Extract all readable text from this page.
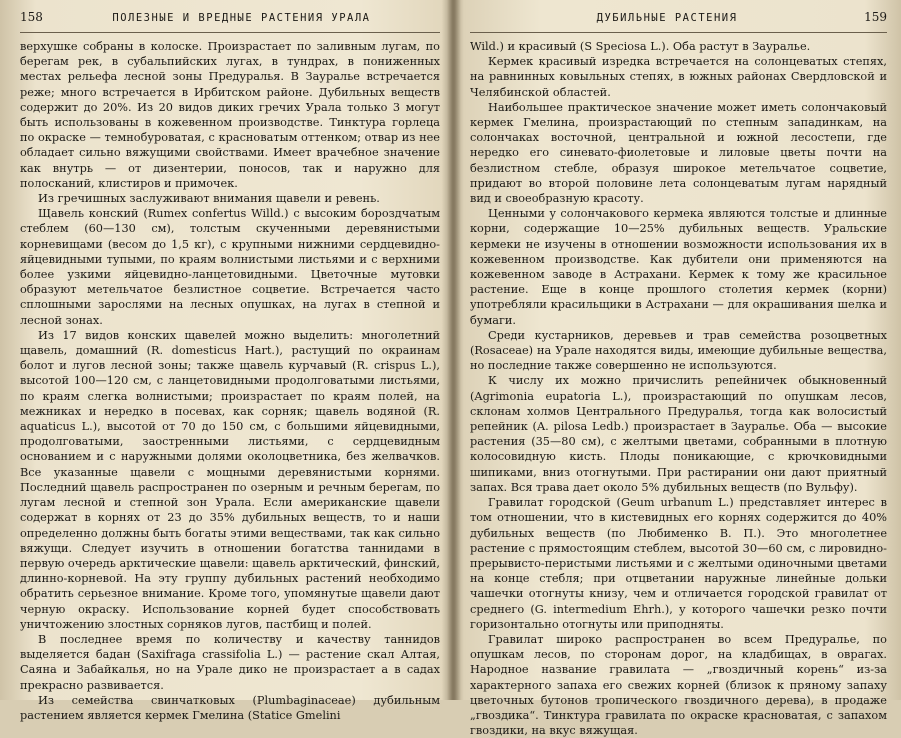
158	ПОЛЕЗНЫЕ И ВРЕДНЫЕ РАСТЕНИЯ УРАЛА

верхушке собраны в колоске. Произрастает по заливным лугам, по берегам рек, в субальпийских лугах, в тундрах, в пониженных местах рельефа лесной зоны Предуралья. В Зауралье встречается реже; много встречается в Ирбитском районе. Дубильных веществ содержит до 20%. Из 20 видов диких гречих Урала только 3 могут быть использованы в кожевенном производстве. Тинктура горлеца по окраске — темнобуроватая, с красноватым оттенком; отвар из нее обладает сильно вяжущими свойствами. Имеет врачебное значение как внутрь — от дизентерии, поносов, так и наружно для полосканий, клистиров и примочек.

Из гречишных заслуживают внимания щавели и ревень.

Щавель конский (Rumex confertus Willd.) с высоким бороздчатым стеблем (60—130 см), толстым скученными деревянистыми корневищами (весом до 1,5 кг), с крупными нижними сердцевидно-яйцевидными тупыми, по краям волнистыми листьями и с верхними более узкими яйцевидно-ланцетовидными. Цветочные мутовки образуют метельчатое безлистное соцветие. Встречается часто сплошными зарослями на лесных опушках, на лугах в степной и лесной зонах.

Из 17 видов конских щавелей можно выделить: многолетний щавель, домашний (R. domesticus Hart.), растущий по окраинам болот и лугов лесной зоны; также щавель курчавый (R. crispus L.), высотой 100—120 см, с ланцетовидными продолговатыми листьями, по краям слегка волнистыми; произрастает по краям полей, на межниках и нередко в посевах, как сорняк; щавель водяной (R. aquaticus L.), высотой от 70 до 150 см, с большими яйцевидными, продолговатыми, заостренными листьями, с сердцевидным основанием и с наружными долями околоцветника, без желвачков. Все указанные щавели с мощными деревянистыми корнями. Последний щавель распространен по озерным и речным берегам, по лугам лесной и степной зон Урала. Если американские щавели содержат в корнях от 23 до 35% дубильных веществ, то и наши определенно должны быть богаты этими веществами, так как сильно вяжущи. Следует изучить в отношении богатства таннидами в первую очередь арктические щавели: щавель арктический, финский, длинно-корневой. На эту группу дубильных растений необходимо обратить серьезное внимание. Кроме того, упомянутые щавели дают черную окраску. Использование корней будет способствовать уничтожению злостных сорняков лугов, пастбищ и полей.

В последнее время по количеству и качеству таннидов выделяется бадан (Saxifraga crassifolia L.) — растение скал Алтая, Саяна и Забайкалья, но на Урале дико не произрастает а в садах прекрасно развивается.

Из семейства свинчатковых (Plumbaginaceae) дубильным растением является кермек Гмелина (Statice Gmelini

ДУБИЛЬНЫЕ РАСТЕНИЯ	159

Wild.) и красивый (S Speciosa L.). Оба растут в Зауралье.

Кермек красивый изредка встречается на солонцеватых степях, на равнинных ковыльных степях, в южных районах Свердловской и Челябинской областей.

Наибольшее практическое значение может иметь солончаковый кермек Гмелина, произрастающий по степным западинкам, на солончаках восточной, центральной и южной лесостепи, где нередко его синевато-фиолетовые и лиловые цветы почти на безлистном стебле, образуя широкое метельчатое соцветие, придают во второй половине лета солонцеватым лугам нарядный вид и своеобразную красоту.

Ценными у солончакового кермека являются толстые и длинные корни, содержащие 10—25% дубильных веществ. Уральские кермеки не изучены в отношении возможности использования их в кожевенном производстве. Как дубители они применяются на кожевенном заводе в Астрахани. Кермек к тому же красильное растение. Еще в конце прошлого столетия кермек (корни) употребляли красильщики в Астрахани — для окрашивания шелка и бумаги.

Среди кустарников, деревьев и трав семейства розоцветных (Rosaceae) на Урале находятся виды, имеющие дубильные вещества, но последние также совершенно не используются.

К числу их можно причислить репейничек обыкновенный (Agrimonia eupatoria L.), произрастающий по опушкам лесов, склонам холмов Центрального Предуралья, тогда как волосистый репейник (A. pilosa Ledb.) произрастает в Зауралье. Оба — высокие растения (35—80 см), с желтыми цветами, собранными в плотную колосовидную кисть. Плоды поникающие, с крючковидными шипиками, вниз отогнутыми. При растирании они дают приятный запах. Вся трава дает около 5% дубильных веществ (по Вульфу).

Гравилат городской (Geum urbanum L.) представляет интерес в том отношении, что в кистевидных его корнях содержится до 40% дубильных веществ (по Любименко В. П.). Это многолетнее растение с прямостоящим стеблем, высотой 30—60 см, с лировидно-прерывисто-перистыми листьями и с желтыми одиночными цветами на конце стебля; при отцветании наружные линейные дольки чашечки отогнуты книзу, чем и отличается городской гравилат от среднего (G. intermedium Ehrh.), у которого чашечки резко почти горизонтально отогнуты или приподняты.

Гравилат широко распространен во всем Предуралье, по опушкам лесов, по сторонам дорог, на кладбищах, в оврагах. Народное название гравилата — „гвоздичный корень“ из-за характерного запаха его свежих корней (близок к пряному запаху цветочных бутонов тропического гвоздичного дерева), в продаже „гвоздика“. Тинктура гравилата по окраске красноватая, с запахом гвоздики, на вкус вяжущая.
